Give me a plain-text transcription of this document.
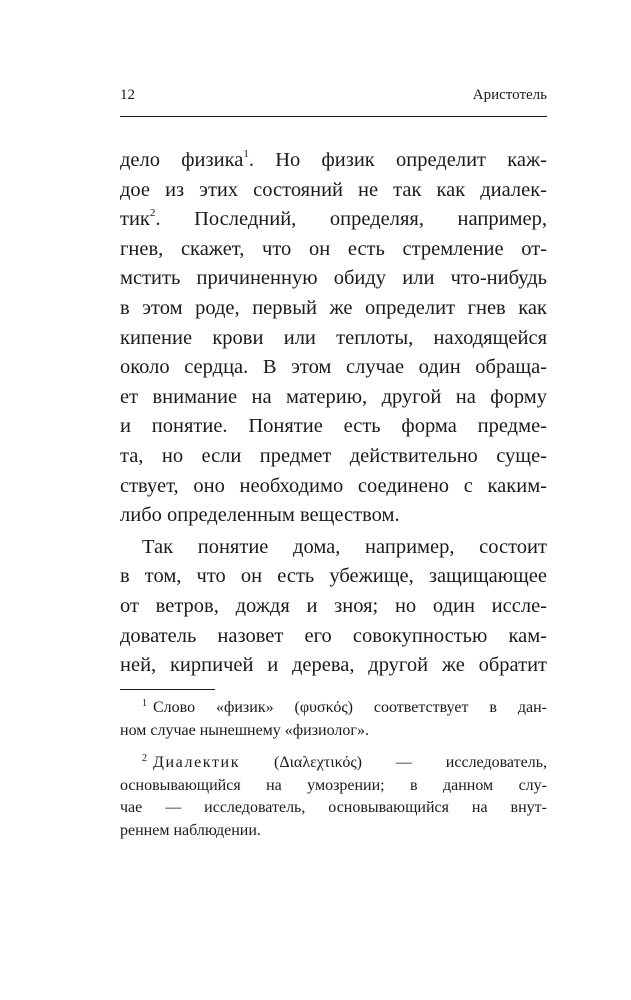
12	Аристотель
дело физика$^1$. Но физик определит каж-
дое из этих состояний не так как диалек-
тик$^2$. Последний, определяя, например,
гнев, скажет, что он есть стремление от-
мстить причиненную обиду или что-нибудь
в этом роде, первый же определит гнев как
кипение крови или теплоты, находящейся
около сердца. В этом случае один обраща-
ет внимание на материю, другой на форму
и понятие. Понятие есть форма предме-
та, но если предмет действительно суще-
ствует, оно необходимо соединено с каким-
либо определенным веществом.
Так понятие дома, например, состоит
в том, что он есть убежище, защищающее
от ветров, дождя и зноя; но один иссле-
дователь назовет его совокупностью кам-
ней, кирпичей и дерева, другой же обратит
$^1$ Слово «физик» (φυσκός) соответствует в дан-
ном случае нынешнему «физиолог».
$^2$ Диалектик (Διαλεχτικός) — исследователь,
основывающийся на умозрении; в данном слу-
чае — исследователь, основывающийся на внут-
реннем наблюдении.
